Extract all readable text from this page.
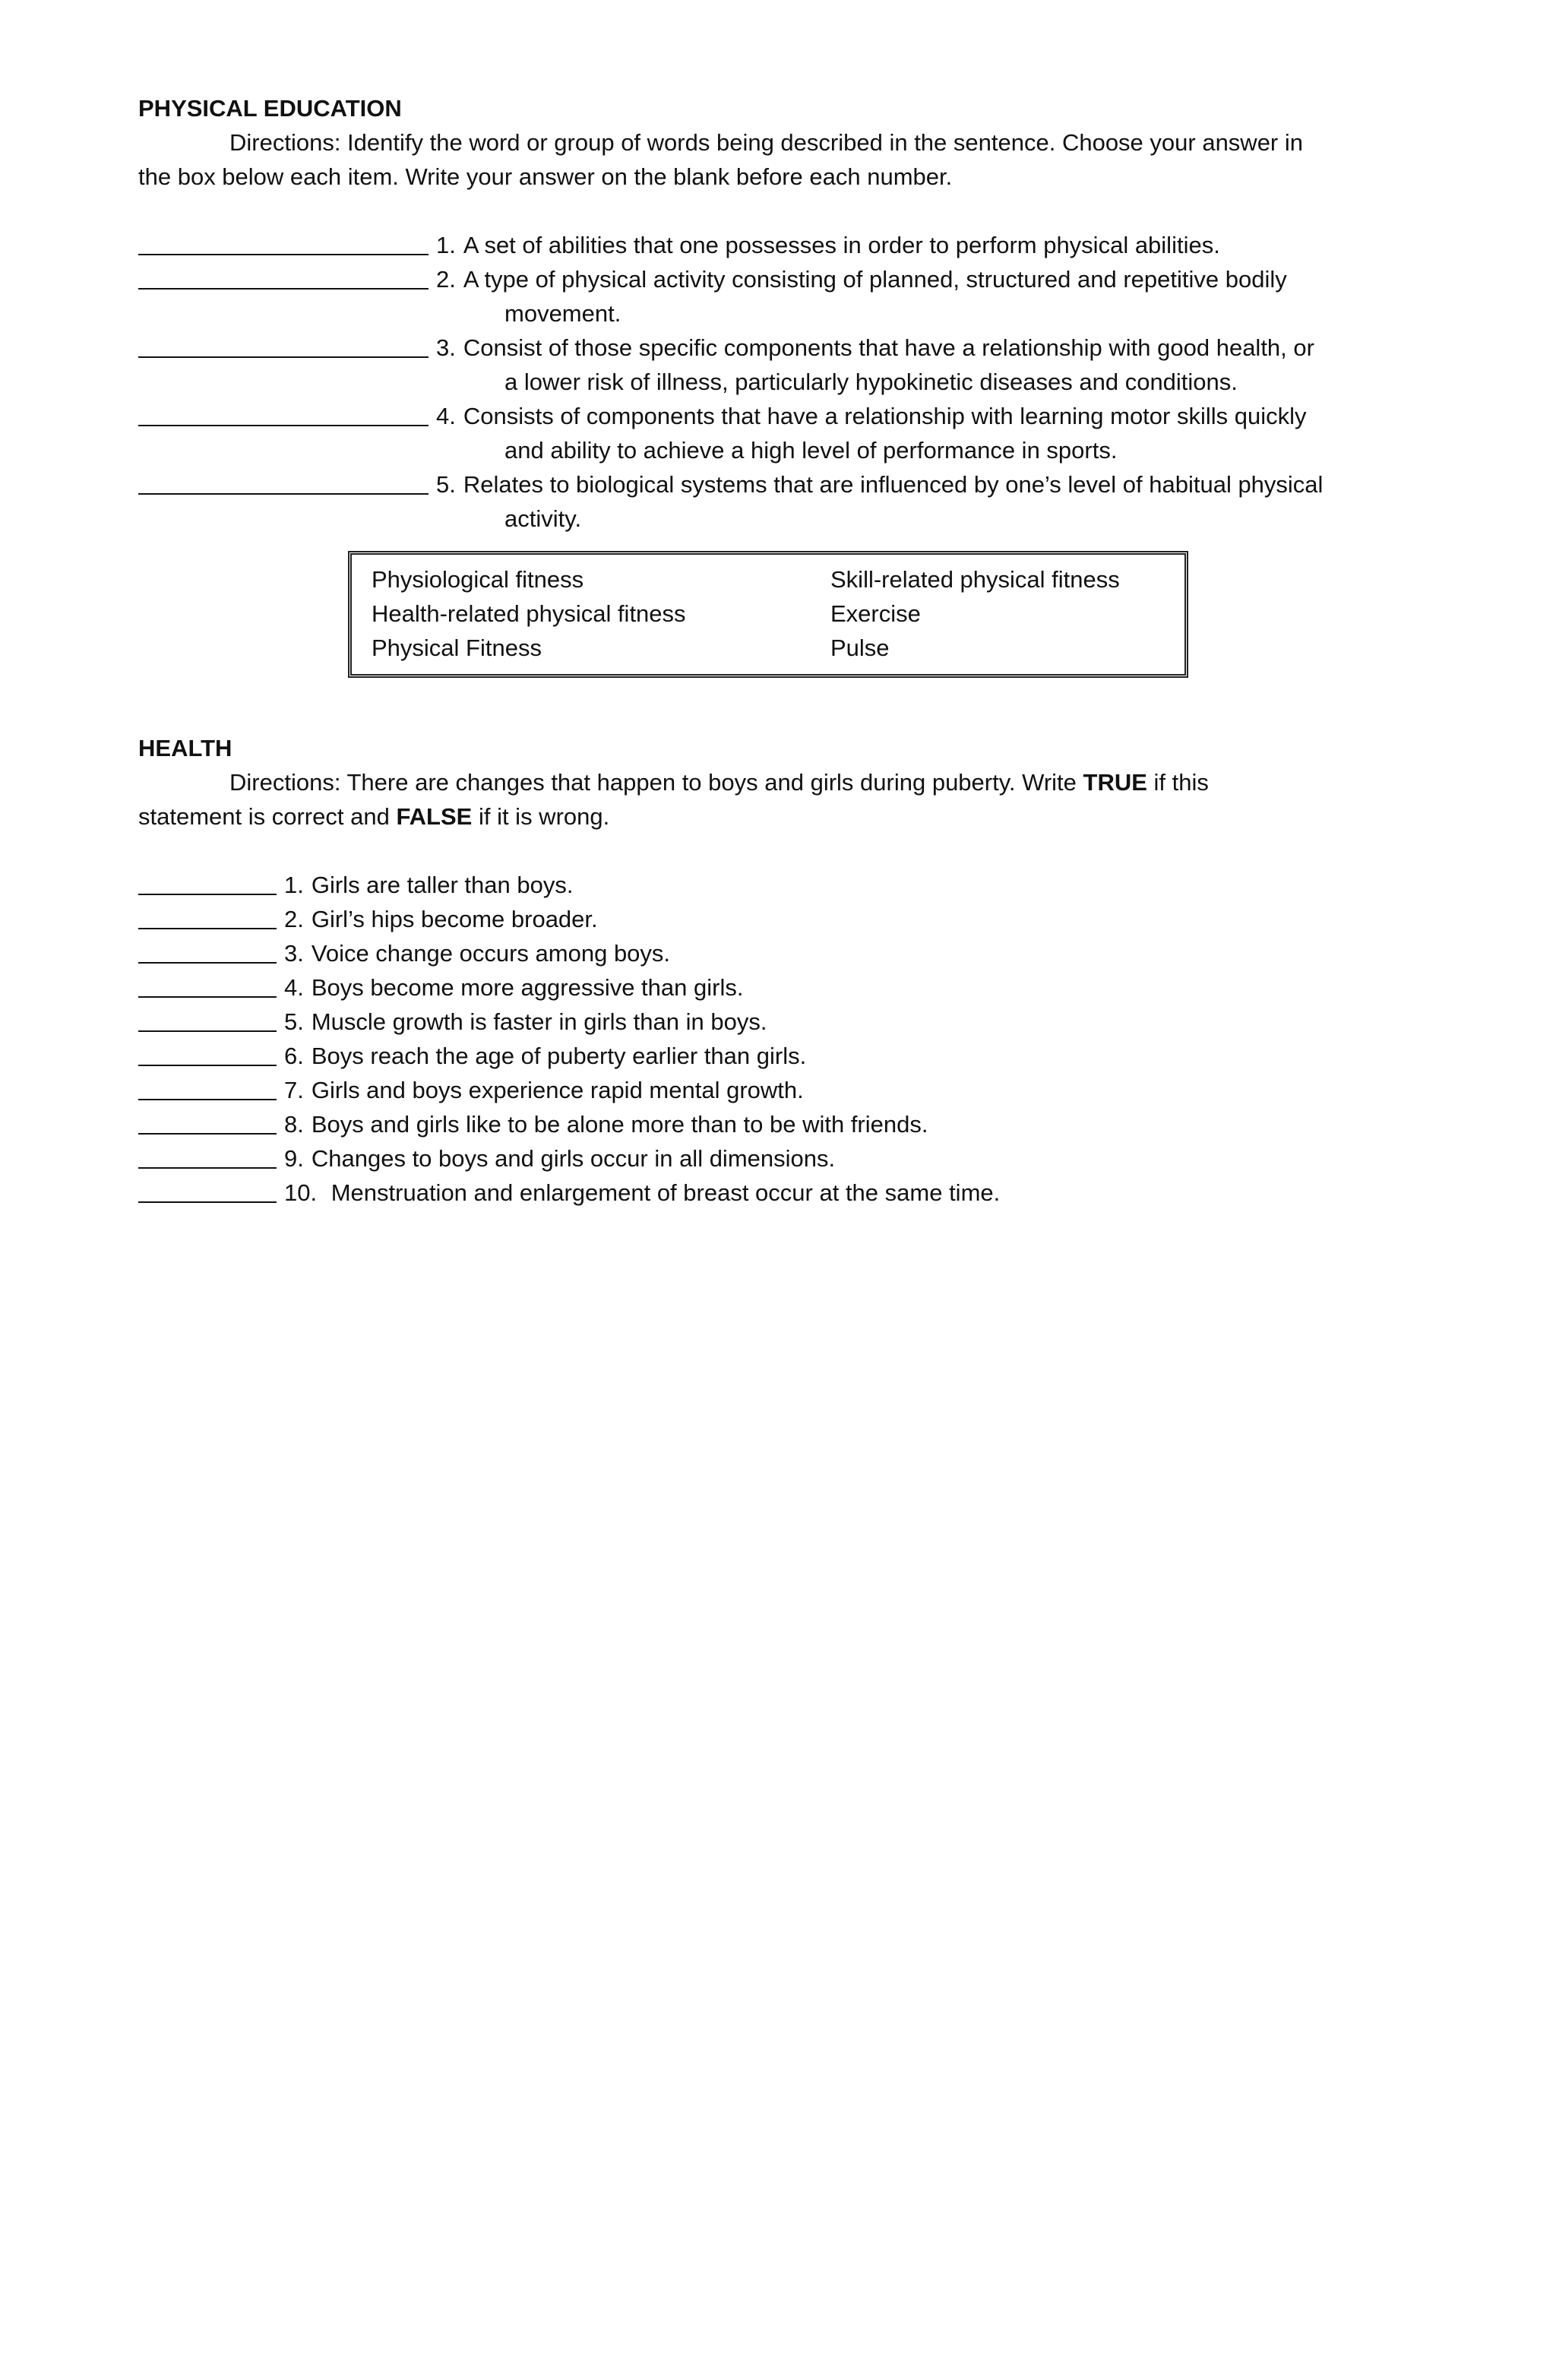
PHYSICAL EDUCATION
Directions: Identify the word or group of words being described in the sentence. Choose your answer in
the box below each item. Write your answer on the blank before each number.
1. A set of abilities that one possesses in order to perform physical abilities.
2. A type of physical activity consisting of planned, structured and repetitive bodily
movement.
3. Consist of those specific components that have a relationship with good health, or
a lower risk of illness, particularly hypokinetic diseases and conditions.
4. Consists of components that have a relationship with learning motor skills quickly
and ability to achieve a high level of performance in sports.
5. Relates to biological systems that are influenced by one’s level of habitual physical
activity.
Physiological fitness	Skill-related physical fitness
Health-related physical fitness	Exercise
Physical Fitness	Pulse
HEALTH
Directions: There are changes that happen to boys and girls during puberty. Write TRUE if this
statement is correct and FALSE if it is wrong.
1. Girls are taller than boys.
2. Girl’s hips become broader.
3. Voice change occurs among boys.
4. Boys become more aggressive than girls.
5. Muscle growth is faster in girls than in boys.
6. Boys reach the age of puberty earlier than girls.
7. Girls and boys experience rapid mental growth.
8. Boys and girls like to be alone more than to be with friends.
9. Changes to boys and girls occur in all dimensions.
10. Menstruation and enlargement of breast occur at the same time.
